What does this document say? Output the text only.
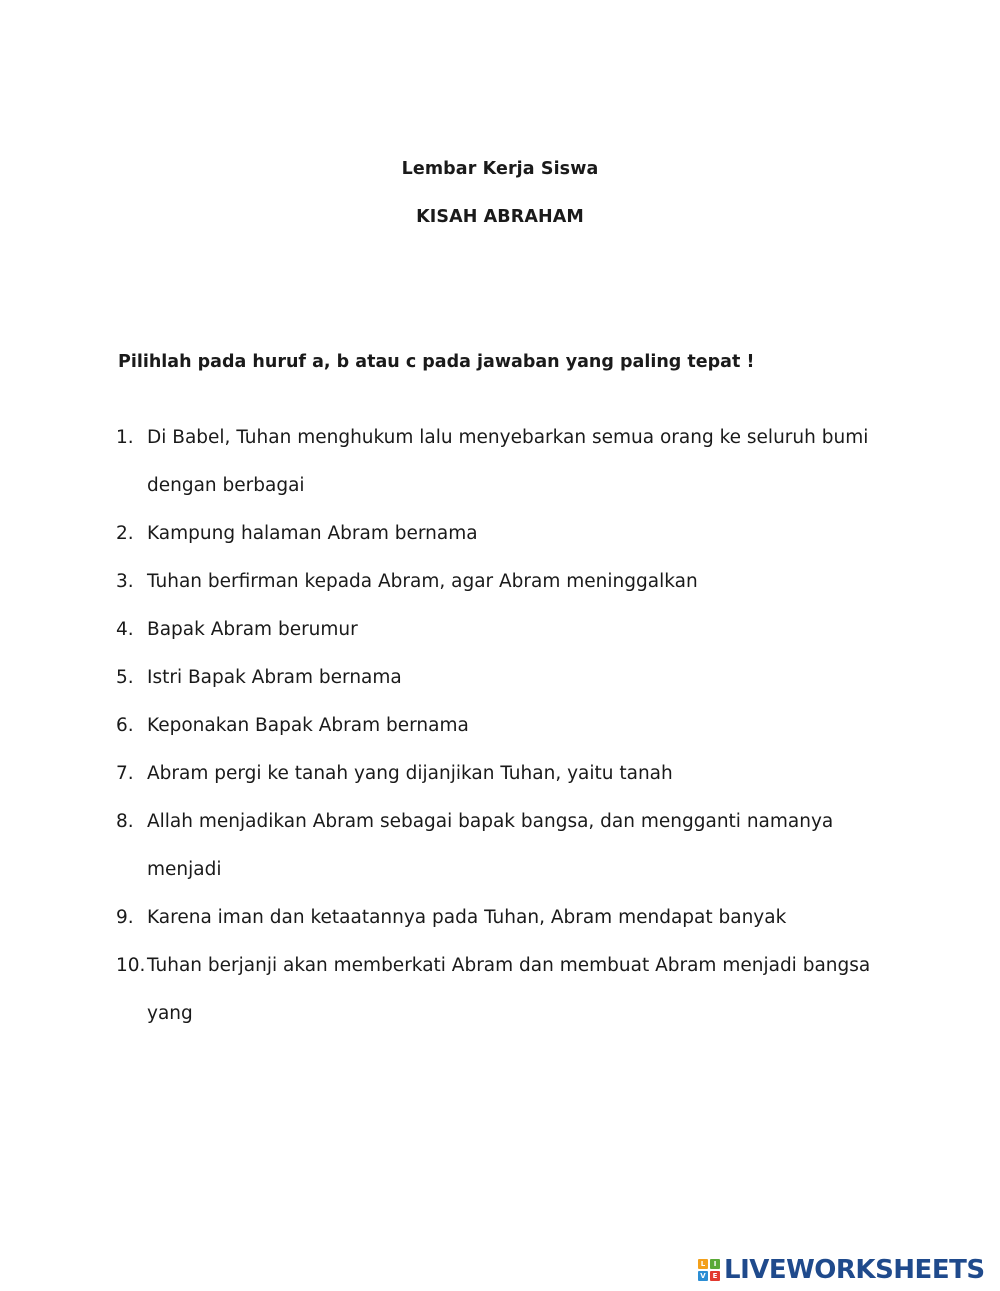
Lembar Kerja Siswa
KISAH ABRAHAM
Pilihlah pada huruf a, b atau c pada jawaban yang paling tepat !
1. Di Babel, Tuhan menghukum lalu menyebarkan semua orang ke seluruh bumi dengan berbagai
2. Kampung halaman Abram bernama
3. Tuhan berfirman kepada Abram, agar Abram meninggalkan
4. Bapak Abram berumur
5. Istri Bapak Abram bernama
6. Keponakan Bapak Abram bernama
7. Abram pergi ke tanah yang dijanjikan Tuhan, yaitu tanah
8. Allah menjadikan Abram sebagai bapak bangsa, dan mengganti namanya menjadi
9. Karena iman dan ketaatannya pada Tuhan, Abram mendapat banyak
10. Tuhan berjanji akan memberkati Abram dan membuat Abram menjadi bangsa yang
L	I
V E LIVEWORKSHEETS
